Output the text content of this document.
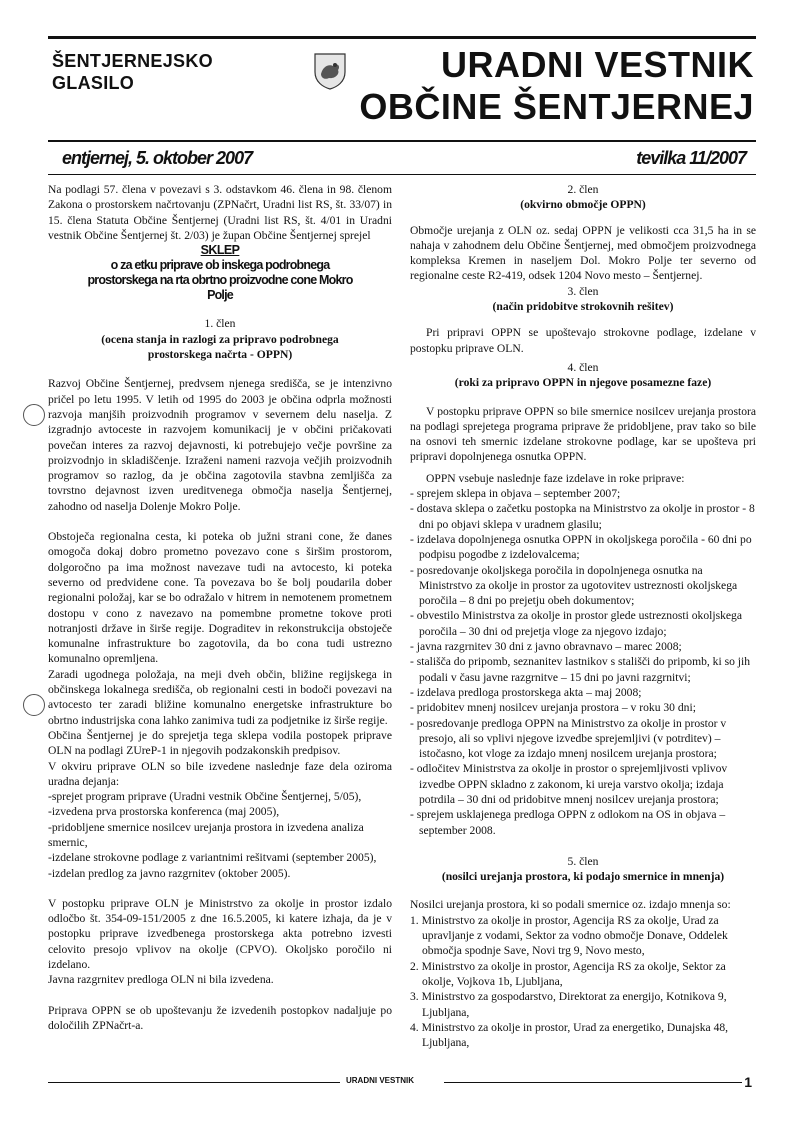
ŠENTJERNEJSKO
GLASILO	URADNI VESTNIK
OBČINE ŠENTJERNEJ
entjernej, 5. oktober 2007	tevilka 11/2007

Na podlagi 57. člena v povezavi s 3. odstavkom 46. člena in 98. členom Zakona o prostorskem načrtovanju (ZPNačrt, Uradni list RS, št. 33/07) in 15. člena Statuta Občine Šentjernej (Uradni list RS, št. 4/01 in Uradni vestnik Občine Šentjernej št. 2/03) je župan Občine Šentjernej sprejel

SKLEP

o za etku priprave ob inskega podrobnega

prostorskega na rta obrtno proizvodne cone Mokro

Polje

1. člen

(ocena stanja in razlogi za pripravo podrobnega

prostorskega načrta - OPPN)

Razvoj Občine Šentjernej, predvsem njenega središča, se je intenzivno pričel po letu 1995. V letih od 1995 do 2003 je občina odprla možnosti razvoja manjših proizvodnih programov v severnem delu naselja. Z izgradnjo avtoceste in razvojem komunikacij je v občini pričakovati povečan interes za razvoj dejavnosti, ki potrebujejo večje površine za proizvodnjo in skladiščenje. Izraženi nameni razvoja večjih proizvodnih programov so razlog, da je občina zagotovila stavbna zemljišča za tovrstno dejavnost izven ureditvenega območja naselja Šentjernej, zahodno od naselja Dolenje Mokro Polje.

Obstoječa regionalna cesta, ki poteka ob južni strani cone, že danes omogoča dokaj dobro prometno povezavo cone s širšim prostorom, dolgoročno pa ima možnost navezave tudi na avtocesto, ki poteka severno od predvidene cone. Ta povezava bo še bolj poudarila dober regionalni položaj, kar se bo odražalo v hitrem in nemotenem prometnem dostopu v cono z navezavo na pomembne prometne tokove proti notranjosti države in širše regije. Dograditev in rekonstrukcija obstoječe komunalne infrastrukture bo zagotovila, da bo cona tudi ustrezno komunalno opremljena.

Zaradi ugodnega položaja, na meji dveh občin, bližine regijskega in občinskega lokalnega središča, ob regionalni cesti in bodoči povezavi na avtocesto ter zaradi bližine komunalno energetske infrastrukture bo obrtno industrijska cona lahko zanimiva tudi za podjetnike iz širše regije.

Občina Šentjernej je do sprejetja tega sklepa vodila postopek priprave OLN na podlagi ZUreP-1 in njegovih podzakonskih predpisov.

V okviru priprave OLN so bile izvedene naslednje faze dela oziroma uradna dejanja:

-sprejet program priprave (Uradni vestnik Občine Šentjernej, 5/05),

-izvedena prva prostorska konferenca (maj 2005),

-pridobljene smernice nosilcev urejanja prostora in izvedena analiza smernic,

-izdelane strokovne podlage z variantnimi rešitvami (september 2005),

-izdelan predlog za javno razgrnitev (oktober 2005).

V postopku priprave OLN je Ministrstvo za okolje in prostor izdalo odločbo št. 354-09-151/2005 z dne 16.5.2005, ki katere izhaja, da je v postopku priprave izvedbenega prostorskega akta potrebno izvesti celovito presojo vplivov na okolje (CPVO). Okoljsko poročilo ni izdelano.

Javna razgrnitev predloga OLN ni bila izvedena.

Priprava OPPN se ob upoštevanju že izvedenih postopkov nadaljuje po določilih ZPNačrt-a.

2. člen

(okvirno območje OPPN)

Območje urejanja z OLN oz. sedaj OPPN je velikosti cca 31,5 ha in se nahaja v zahodnem delu Občine Šentjernej, med območjem proizvodnega kompleksa Kremen in naseljem Dol. Mokro Polje ter severno od regionalne ceste R2-419, odsek 1204 Novo mesto – Šentjernej.

3. člen

(način pridobitve strokovnih rešitev)

Pri pripravi OPPN se upoštevajo strokovne podlage, izdelane v postopku priprave OLN.

4. člen

(roki za pripravo OPPN in njegove posamezne faze)

V postopku priprave OPPN so bile smernice nosilcev urejanja prostora na podlagi sprejetega programa priprave že pridobljene, prav tako so bile na osnovi teh smernic izdelane strokovne podlage, kar se upošteva pri pripravi dopolnjenega osnutka OPPN.

OPPN vsebuje naslednje faze izdelave in roke priprave:

- sprejem sklepa in objava – september 2007;

- dostava sklepa o začetku postopka na Ministrstvo za okolje in prostor - 8 dni po objavi sklepa v uradnem glasilu;

- izdelava dopolnjenega osnutka OPPN in okoljskega poročila - 60 dni po podpisu pogodbe z izdelovalcema;

- posredovanje okoljskega poročila in dopolnjenega osnutka na Ministrstvo za okolje in prostor za ugotovitev ustreznosti okoljskega poročila – 8 dni po prejetju obeh dokumentov;

- obvestilo Ministrstva za okolje in prostor glede ustreznosti okoljskega poročila – 30 dni od prejetja vloge za njegovo izdajo;

- javna razgrnitev 30 dni z javno obravnavo – marec 2008;

- stališča do pripomb, seznanitev lastnikov s stališči do pripomb, ki so jih podali v času javne razgrnitve – 15 dni po javni razgrnitvi;

- izdelava predloga prostorskega akta – maj 2008;

- pridobitev mnenj nosilcev urejanja prostora – v roku 30 dni;

- posredovanje predloga OPPN na Ministrstvo za okolje in prostor v presojo, ali so vplivi njegove izvedbe sprejemljivi (v potrditev) – istočasno, kot vloge za izdajo mnenj nosilcem urejanja prostora;

- odločitev Ministrstva za okolje in prostor o sprejemljivosti vplivov izvedbe OPPN skladno z zakonom, ki ureja varstvo okolja; izdaja potrdila – 30 dni od pridobitve mnenj nosilcev urejanja prostora;

- sprejem usklajenega predloga OPPN z odlokom na OS in objava – september 2008.

5. člen

(nosilci urejanja prostora, ki podajo smernice in mnenja)

Nosilci urejanja prostora, ki so podali smernice oz. izdajo mnenja so:

1. Ministrstvo za okolje in prostor, Agencija RS za okolje, Urad za upravljanje z vodami, Sektor za vodno območje Donave, Oddelek območja spodnje Save, Novi trg 9, Novo mesto,

2. Ministrstvo za okolje in prostor, Agencija RS za okolje, Sektor za okolje, Vojkova 1b, Ljubljana,

3. Ministrstvo za gospodarstvo, Direktorat za energijo, Kotnikova 9, Ljubljana,

4. Ministrstvo za okolje in prostor, Urad za energetiko, Dunajska 48, Ljubljana,

URADNI VESTNIK	1
